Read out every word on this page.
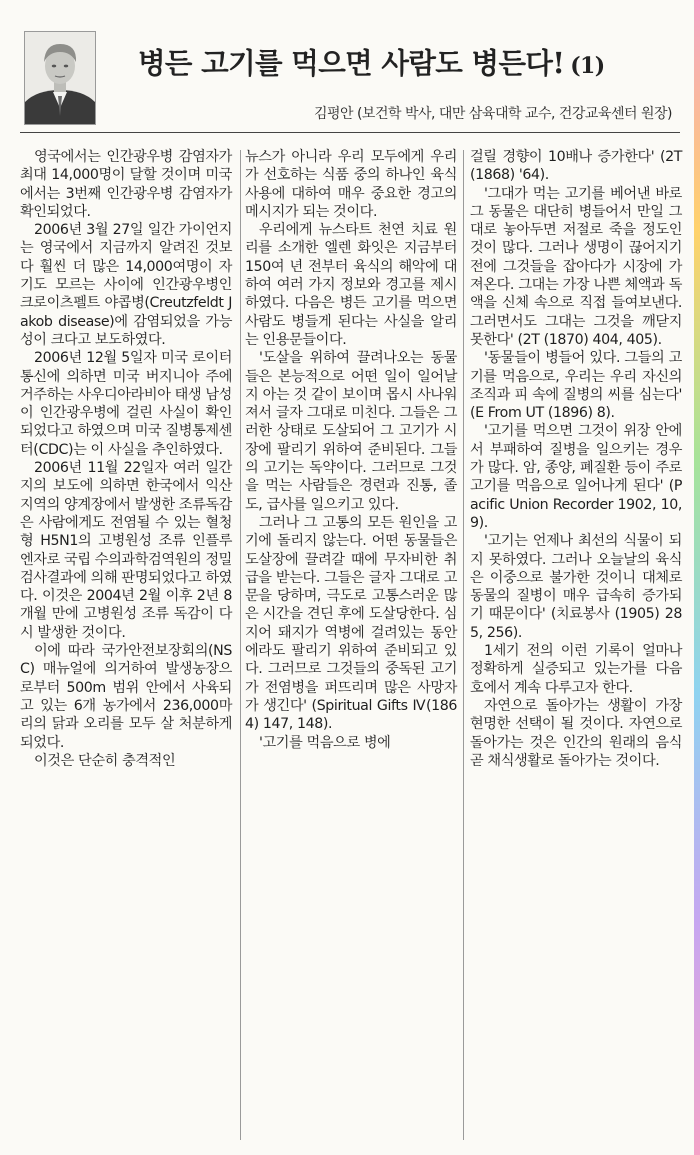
병든 고기를 먹으면 사람도 병든다! (1)
김평안 (보건학 박사, 대만 삼육대학 교수, 건강교육센터 원장)

영국에서는 인간광우병 감염자가 최대 14,000명이 달할 것이며 미국에서는 3번째 인간광우병 감염자가 확인되었다.

2006년 3월 27일 일간 가이언지는 영국에서 지금까지 알려진 것보다 훨씬 더 많은 14,000여명이 자기도 모르는 사이에 인간광우병인 크로이츠펠트 야콥병(Creutzfeldt Jakob disease)에 감염되었을 가능성이 크다고 보도하였다.

2006년 12월 5일자 미국 로이터 통신에 의하면 미국 버지니아 주에 거주하는 사우디아라비아 태생 남성이 인간광우병에 걸린 사실이 확인되었다고 하였으며 미국 질병통제센터(CDC)는 이 사실을 추인하였다.

2006년 11월 22일자 여러 일간지의 보도에 의하면 한국에서 익산 지역의 양계장에서 발생한 조류독감은 사람에게도 전염될 수 있는 혈청형 H5N1의 고병원성 조류 인플루엔자로 국립 수의과학검역원의 정밀검사결과에 의해 판명되었다고 하였다. 이것은 2004년 2월 이후 2년 8개월 만에 고병원성 조류 독감이 다시 발생한 것이다.

이에 따라 국가안전보장회의(NSC) 매뉴얼에 의거하여 발생농장으로부터 500m 범위 안에서 사육되고 있는 6개 농가에서 236,000마리의 닭과 오리를 모두 살 처분하게 되었다.

이것은 단순히 충격적인

뉴스가 아니라 우리 모두에게 우리가 선호하는 식품 중의 하나인 육식사용에 대하여 매우 중요한 경고의 메시지가 되는 것이다.

우리에게 뉴스타트 천연 치료 원리를 소개한 엘렌 화잇은 지금부터 150여 년 전부터 육식의 해악에 대하여 여러 가지 정보와 경고를 제시하였다. 다음은 병든 고기를 먹으면 사람도 병들게 된다는 사실을 알리는 인용문들이다.

'도살을 위하여 끌려나오는 동물들은 본능적으로 어떤 일이 일어날지 아는 것 같이 보이며 몹시 사나워져서 글자 그대로 미친다. 그들은 그러한 상태로 도살되어 그 고기가 시장에 팔리기 위하여 준비된다. 그들의 고기는 독약이다. 그러므로 그것을 먹는 사람들은 경련과 진통, 졸도, 급사를 일으키고 있다.

그러나 그 고통의 모든 원인을 고기에 돌리지 않는다. 어떤 동물들은 도살장에 끌려갈 때에 무자비한 취급을 받는다. 그들은 글자 그대로 고문을 당하며, 극도로 고통스러운 많은 시간을 견딘 후에 도살당한다. 심지어 돼지가 역병에 걸려있는 동안에라도 팔리기 위하여 준비되고 있다. 그러므로 그것들의 중독된 고기가 전염병을 퍼뜨리며 많은 사망자가 생긴다' (Spiritual Gifts Ⅳ(1864) 147, 148).

'고기를 먹음으로 병에

걸릴 경향이 10배나 증가한다' (2T(1868) '64).

'그대가 먹는 고기를 베어낸 바로 그 동물은 대단히 병들어서 만일 그대로 놓아두면 저절로 죽을 정도인 것이 많다. 그러나 생명이 끊어지기 전에 그것들을 잡아다가 시장에 가져온다. 그대는 가장 나쁜 체액과 독액을 신체 속으로 직접 들여보낸다. 그러면서도 그대는 그것을 깨닫지 못한다' (2T (1870) 404, 405).

'동물들이 병들어 있다. 그들의 고기를 먹음으로, 우리는 우리 자신의 조직과 피 속에 질병의 씨를 심는다' (E From UT (1896) 8).

'고기를 먹으면 그것이 위장 안에서 부패하여 질병을 일으키는 경우가 많다. 암, 종양, 폐질환 등이 주로 고기를 먹음으로 일어나게 된다' (Pacific Union Recorder 1902, 10, 9).

'고기는 언제나 최선의 식물이 되지 못하였다. 그러나 오늘날의 육식은 이중으로 불가한 것이니 대체로 동물의 질병이 매우 급속히 증가되기 때문이다' (치료봉사 (1905) 285, 256).

1세기 전의 이런 기록이 얼마나 정확하게 실증되고 있는가를 다음 호에서 계속 다루고자 한다.

자연으로 돌아가는 생활이 가장 현명한 선택이 될 것이다. 자연으로 돌아가는 것은 인간의 원래의 음식 곧 채식생활로 돌아가는 것이다.
